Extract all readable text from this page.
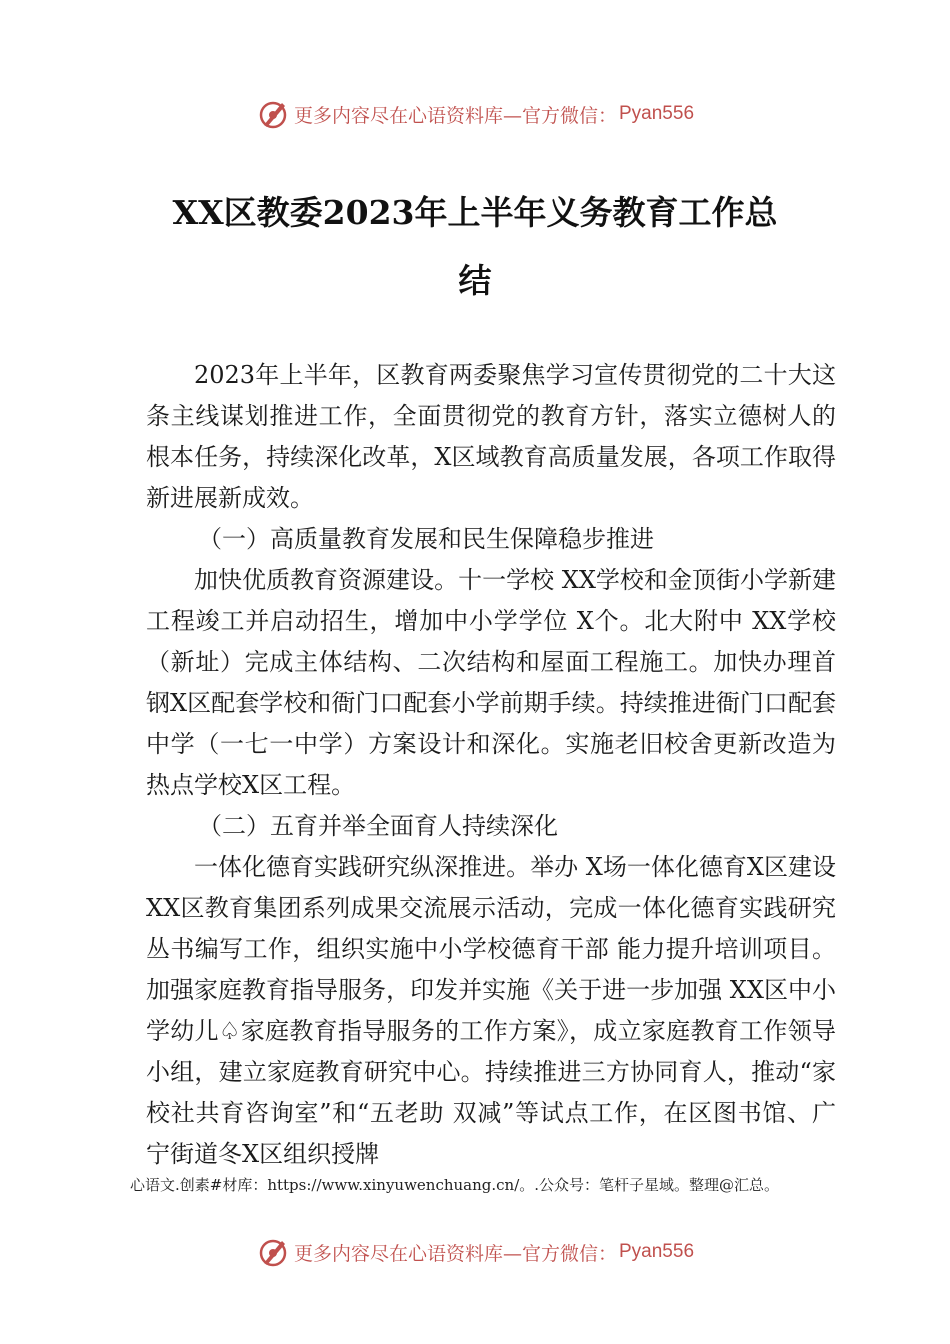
更多内容尽在心语资料库—官方微信： Pyan556
XX区教委2023年上半年义务教育工作总
结

2023年上半年，区教育两委聚焦学习宣传贯彻党的二十大这条主线谋划推进工作，全面贯彻党的教育方针，落实立德树人的根本任务，持续深化改革，X区域教育高质量发展，各项工作取得新进展新成效。

（一）高质量教育发展和民生保障稳步推进

加快优质教育资源建设。十一学校 XX学校和金顶街小学新建工程竣工并启动招生，增加中小学学位 X个。北大附中 XX学校（新址）完成主体结构、二次结构和屋面工程施工。加快办理首钢X区配套学校和衙门口配套小学前期手续。持续推进衙门口配套中学（一七一中学）方案设计和深化。实施老旧校舍更新改造为热点学校X区工程。

（二）五育并举全面育人持续深化

一体化德育实践研究纵深推进。举办 X场一体化德育X区建设 XX区教育集团系列成果交流展示活动，完成一体化德育实践研究丛书编写工作，组织实施中小学校德育干部 能力提升培训项目。加强家庭教育指导服务，印发并实施《关于进一步加强 XX区中小学幼儿♤家庭教育指导服务的工作方案》，成立家庭教育工作领导小组，建立家庭教育研究中心。持续推进三方协同育人，推动“家校社共育咨询室”和“五老助 双减”等试点工作，在区图书馆、广宁街道冬X区组织授牌

心语文.创素#材库：https://www.xinyuwenchuang.cn/。.公众号：笔杆子星域。整理@汇总。
更多内容尽在心语资料库—官方微信： Pyan556
